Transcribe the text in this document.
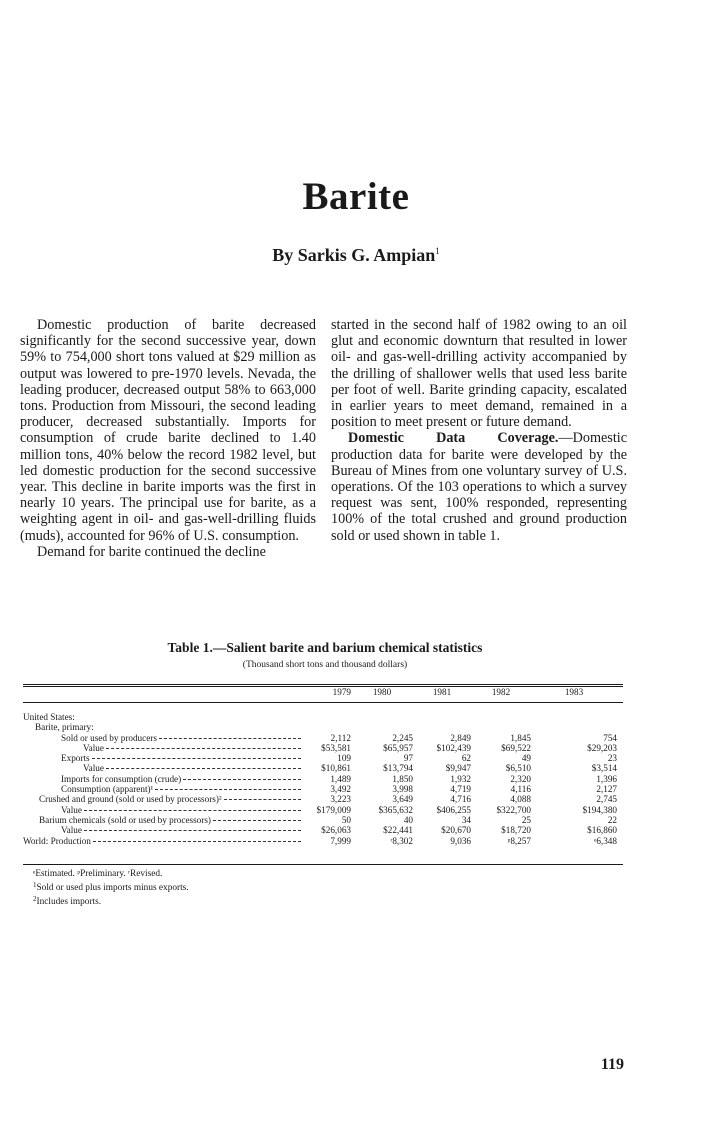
Barite
By Sarkis G. Ampian$^1$

Domestic production of barite decreased significantly for the second successive year, down 59% to 754,000 short tons valued at $29 million as output was lowered to pre-1970 levels. Nevada, the leading producer, decreased output 58% to 663,000 tons. Production from Missouri, the second leading producer, decreased substantially. Imports for consumption of crude barite declined to 1.40 million tons, 40% below the record 1982 level, but led domestic production for the second successive year. This decline in barite imports was the first in nearly 10 years. The principal use for barite, as a weighting agent in oil- and gas-well-drilling fluids (muds), accounted for 96% of U.S. consumption.

Demand for barite continued the decline

started in the second half of 1982 owing to an oil glut and economic downturn that resulted in lower oil- and gas-well-drilling activity accompanied by the drilling of shallower wells that used less barite per foot of well. Barite grinding capacity, escalated in earlier years to meet demand, remained in a position to meet present or future demand.

Domestic Data Coverage.—Domestic production data for barite were developed by the Bureau of Mines from one voluntary survey of U.S. operations. Of the 103 operations to which a survey request was sent, 100% responded, representing 100% of the total crushed and ground production sold or used shown in table 1.

Table 1.—Salient barite and barium chemical statistics
(Thousand short tons and thousand dollars)
1979	1980	1981	1982	1983
United States:
Barite, primary:
Sold or used by producers	2,112	2,245	2,849	1,845	754
Value	$53,581	$65,957	$102,439	$69,522	$29,203
Exports	109	97	62	49	23
Value	$10,861	$13,794	$9,947	$6,510	$3,514
Imports for consumption (crude)	1,489	1,850	1,932	2,320	1,396
Consumption (apparent)¹	3,492	3,998	4,719	4,116	2,127
Crushed and ground (sold or used by processors)²	3,223	3,649	4,716	4,088	2,745
Value	$179,009	$365,632	$406,255	$322,700	$194,380
Barium chemicals (sold or used by processors)	50	40	34	25	22
Value	$26,063	$22,441	$20,670	$18,720	$16,860
World: Production	7,999	ʳ8,302	9,036	ᵖ8,257	ᵉ6,348
ᵉEstimated. ᵖPreliminary. ʳRevised.
$^1$Sold or used plus imports minus exports.
$^2$Includes imports.
119
